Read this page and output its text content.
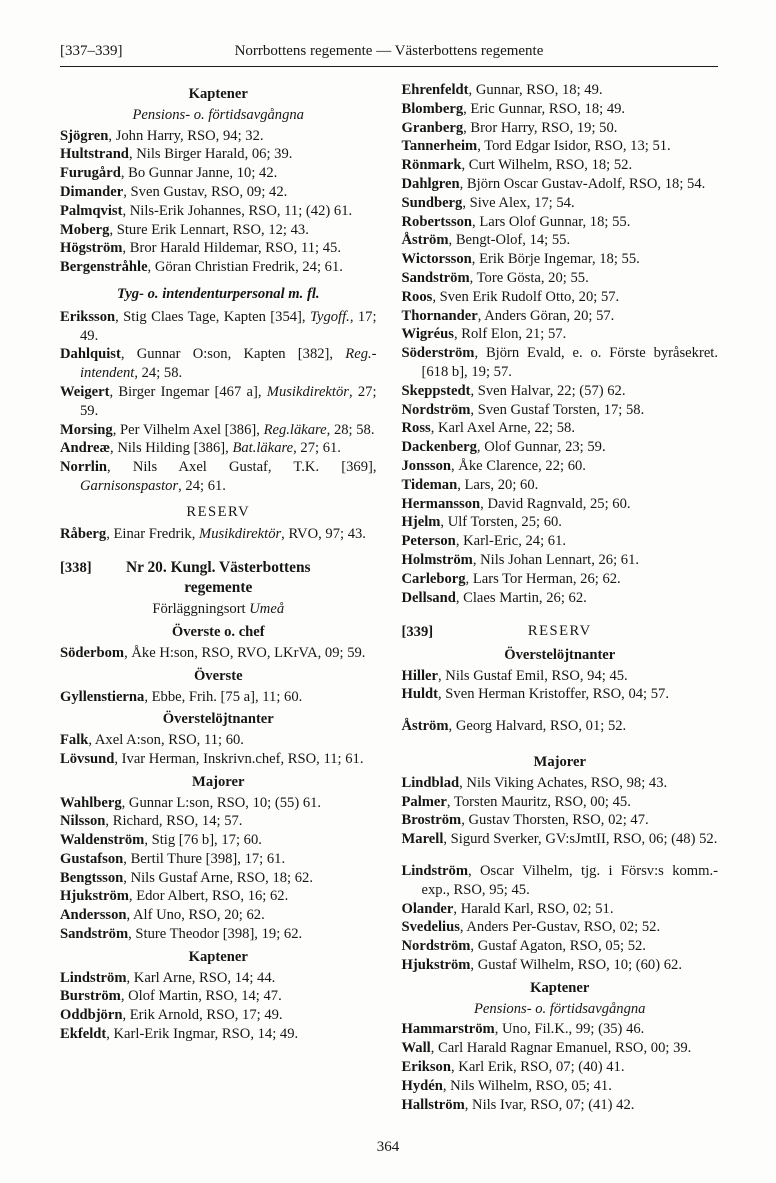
[337–339]	Norrbottens regemente — Västerbottens regemente
Kaptener
Pensions- o. förtidsavgångna

Sjögren, John Harry, RSO, 94; 32.

Hultstrand, Nils Birger Harald, 06; 39.

Furugård, Bo Gunnar Janne, 10; 42.

Dimander, Sven Gustav, RSO, 09; 42.

Palmqvist, Nils-Erik Johannes, RSO, 11; (42) 61.

Moberg, Sture Erik Lennart, RSO, 12; 43.

Högström, Bror Harald Hildemar, RSO, 11; 45.

Bergenstråhle, Göran Christian Fredrik, 24; 61.

Tyg- o. intendenturpersonal m. fl.

Eriksson, Stig Claes Tage, Kapten [354], Tygoff., 17; 49.

Dahlquist, Gunnar O:son, Kapten [382], Reg.-intendent, 24; 58.

Weigert, Birger Ingemar [467 a], Musikdirektör, 27; 59.

Morsing, Per Vilhelm Axel [386], Reg.läkare, 28; 58.

Andreæ, Nils Hilding [386], Bat.läkare, 27; 61.

Norrlin, Nils Axel Gustaf, T.K. [369], Garnisonspastor, 24; 61.

RESERV

Råberg, Einar Fredrik, Musikdirektör, RVO, 97; 43.

[338]	Nr 20. Kungl. Västerbottens regemente
Förläggningsort Umeå
Överste o. chef

Söderbom, Åke H:son, RSO, RVO, LKrVA, 09; 59.

Överste

Gyllenstierna, Ebbe, Frih. [75 a], 11; 60.

Överstelöjtnanter

Falk, Axel A:son, RSO, 11; 60.

Lövsund, Ivar Herman, Inskrivn.chef, RSO, 11; 61.

Majorer

Wahlberg, Gunnar L:son, RSO, 10; (55) 61.

Nilsson, Richard, RSO, 14; 57.

Waldenström, Stig [76 b], 17; 60.

Gustafson, Bertil Thure [398], 17; 61.

Bengtsson, Nils Gustaf Arne, RSO, 18; 62.

Hjukström, Edor Albert, RSO, 16; 62.

Andersson, Alf Uno, RSO, 20; 62.

Sandström, Sture Theodor [398], 19; 62.

Kaptener

Lindström, Karl Arne, RSO, 14; 44.

Burström, Olof Martin, RSO, 14; 47.

Oddbjörn, Erik Arnold, RSO, 17; 49.

Ekfeldt, Karl-Erik Ingmar, RSO, 14; 49.

Ehrenfeldt, Gunnar, RSO, 18; 49.

Blomberg, Eric Gunnar, RSO, 18; 49.

Granberg, Bror Harry, RSO, 19; 50.

Tannerheim, Tord Edgar Isidor, RSO, 13; 51.

Rönmark, Curt Wilhelm, RSO, 18; 52.

Dahlgren, Björn Oscar Gustav-Adolf, RSO, 18; 54.

Sundberg, Sive Alex, 17; 54.

Robertsson, Lars Olof Gunnar, 18; 55.

Åström, Bengt-Olof, 14; 55.

Wictorsson, Erik Börje Ingemar, 18; 55.

Sandström, Tore Gösta, 20; 55.

Roos, Sven Erik Rudolf Otto, 20; 57.

Thornander, Anders Göran, 20; 57.

Wigréus, Rolf Elon, 21; 57.

Söderström, Björn Evald, e. o. Förste byråsekret. [618 b], 19; 57.

Skeppstedt, Sven Halvar, 22; (57) 62.

Nordström, Sven Gustaf Torsten, 17; 58.

Ross, Karl Axel Arne, 22; 58.

Dackenberg, Olof Gunnar, 23; 59.

Jonsson, Åke Clarence, 22; 60.

Tideman, Lars, 20; 60.

Hermansson, David Ragnvald, 25; 60.

Hjelm, Ulf Torsten, 25; 60.

Peterson, Karl-Eric, 24; 61.

Holmström, Nils Johan Lennart, 26; 61.

Carleborg, Lars Tor Herman, 26; 62.

Dellsand, Claes Martin, 26; 62.

[339]	RESERV
Överstelöjtnanter

Hiller, Nils Gustaf Emil, RSO, 94; 45.

Huldt, Sven Herman Kristoffer, RSO, 04; 57.

Åström, Georg Halvard, RSO, 01; 52.

Majorer

Lindblad, Nils Viking Achates, RSO, 98; 43.

Palmer, Torsten Mauritz, RSO, 00; 45.

Broström, Gustav Thorsten, RSO, 02; 47.

Marell, Sigurd Sverker, GV:sJmtII, RSO, 06; (48) 52.

Lindström, Oscar Vilhelm, tjg. i Försv:s komm.-exp., RSO, 95; 45.

Olander, Harald Karl, RSO, 02; 51.

Svedelius, Anders Per-Gustav, RSO, 02; 52.

Nordström, Gustaf Agaton, RSO, 05; 52.

Hjukström, Gustaf Wilhelm, RSO, 10; (60) 62.

Kaptener
Pensions- o. förtidsavgångna

Hammarström, Uno, Fil.K., 99; (35) 46.

Wall, Carl Harald Ragnar Emanuel, RSO, 00; 39.

Erikson, Karl Erik, RSO, 07; (40) 41.

Hydén, Nils Wilhelm, RSO, 05; 41.

Hallström, Nils Ivar, RSO, 07; (41) 42.

364
